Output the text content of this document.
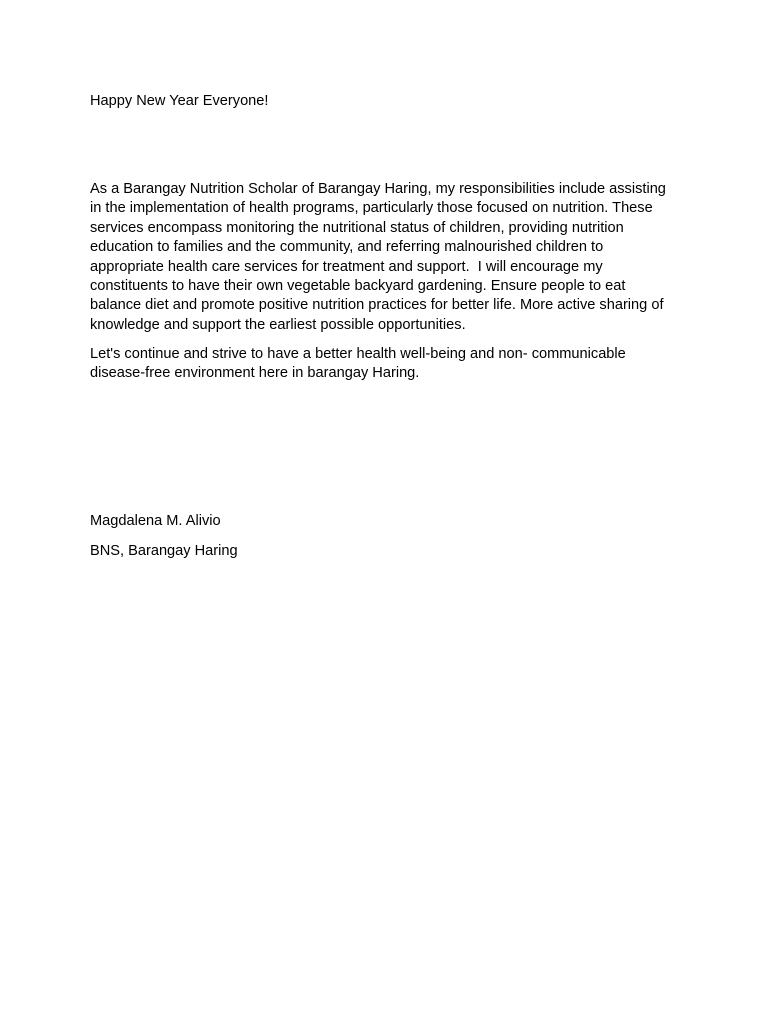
Happy New Year Everyone!

As a Barangay Nutrition Scholar of Barangay Haring, my responsibilities include assisting in the implementation of health programs, particularly those focused on nutrition. These services encompass monitoring the nutritional status of children, providing nutrition education to families and the community, and referring malnourished children to appropriate health care services for treatment and support.  I will encourage my constituents to have their own vegetable backyard gardening. Ensure people to eat balance diet and promote positive nutrition practices for better life. More active sharing of knowledge and support the earliest possible opportunities.

Let's continue and strive to have a better health well-being and non- communicable disease-free environment here in barangay Haring.

Magdalena M. Alivio

BNS, Barangay Haring
